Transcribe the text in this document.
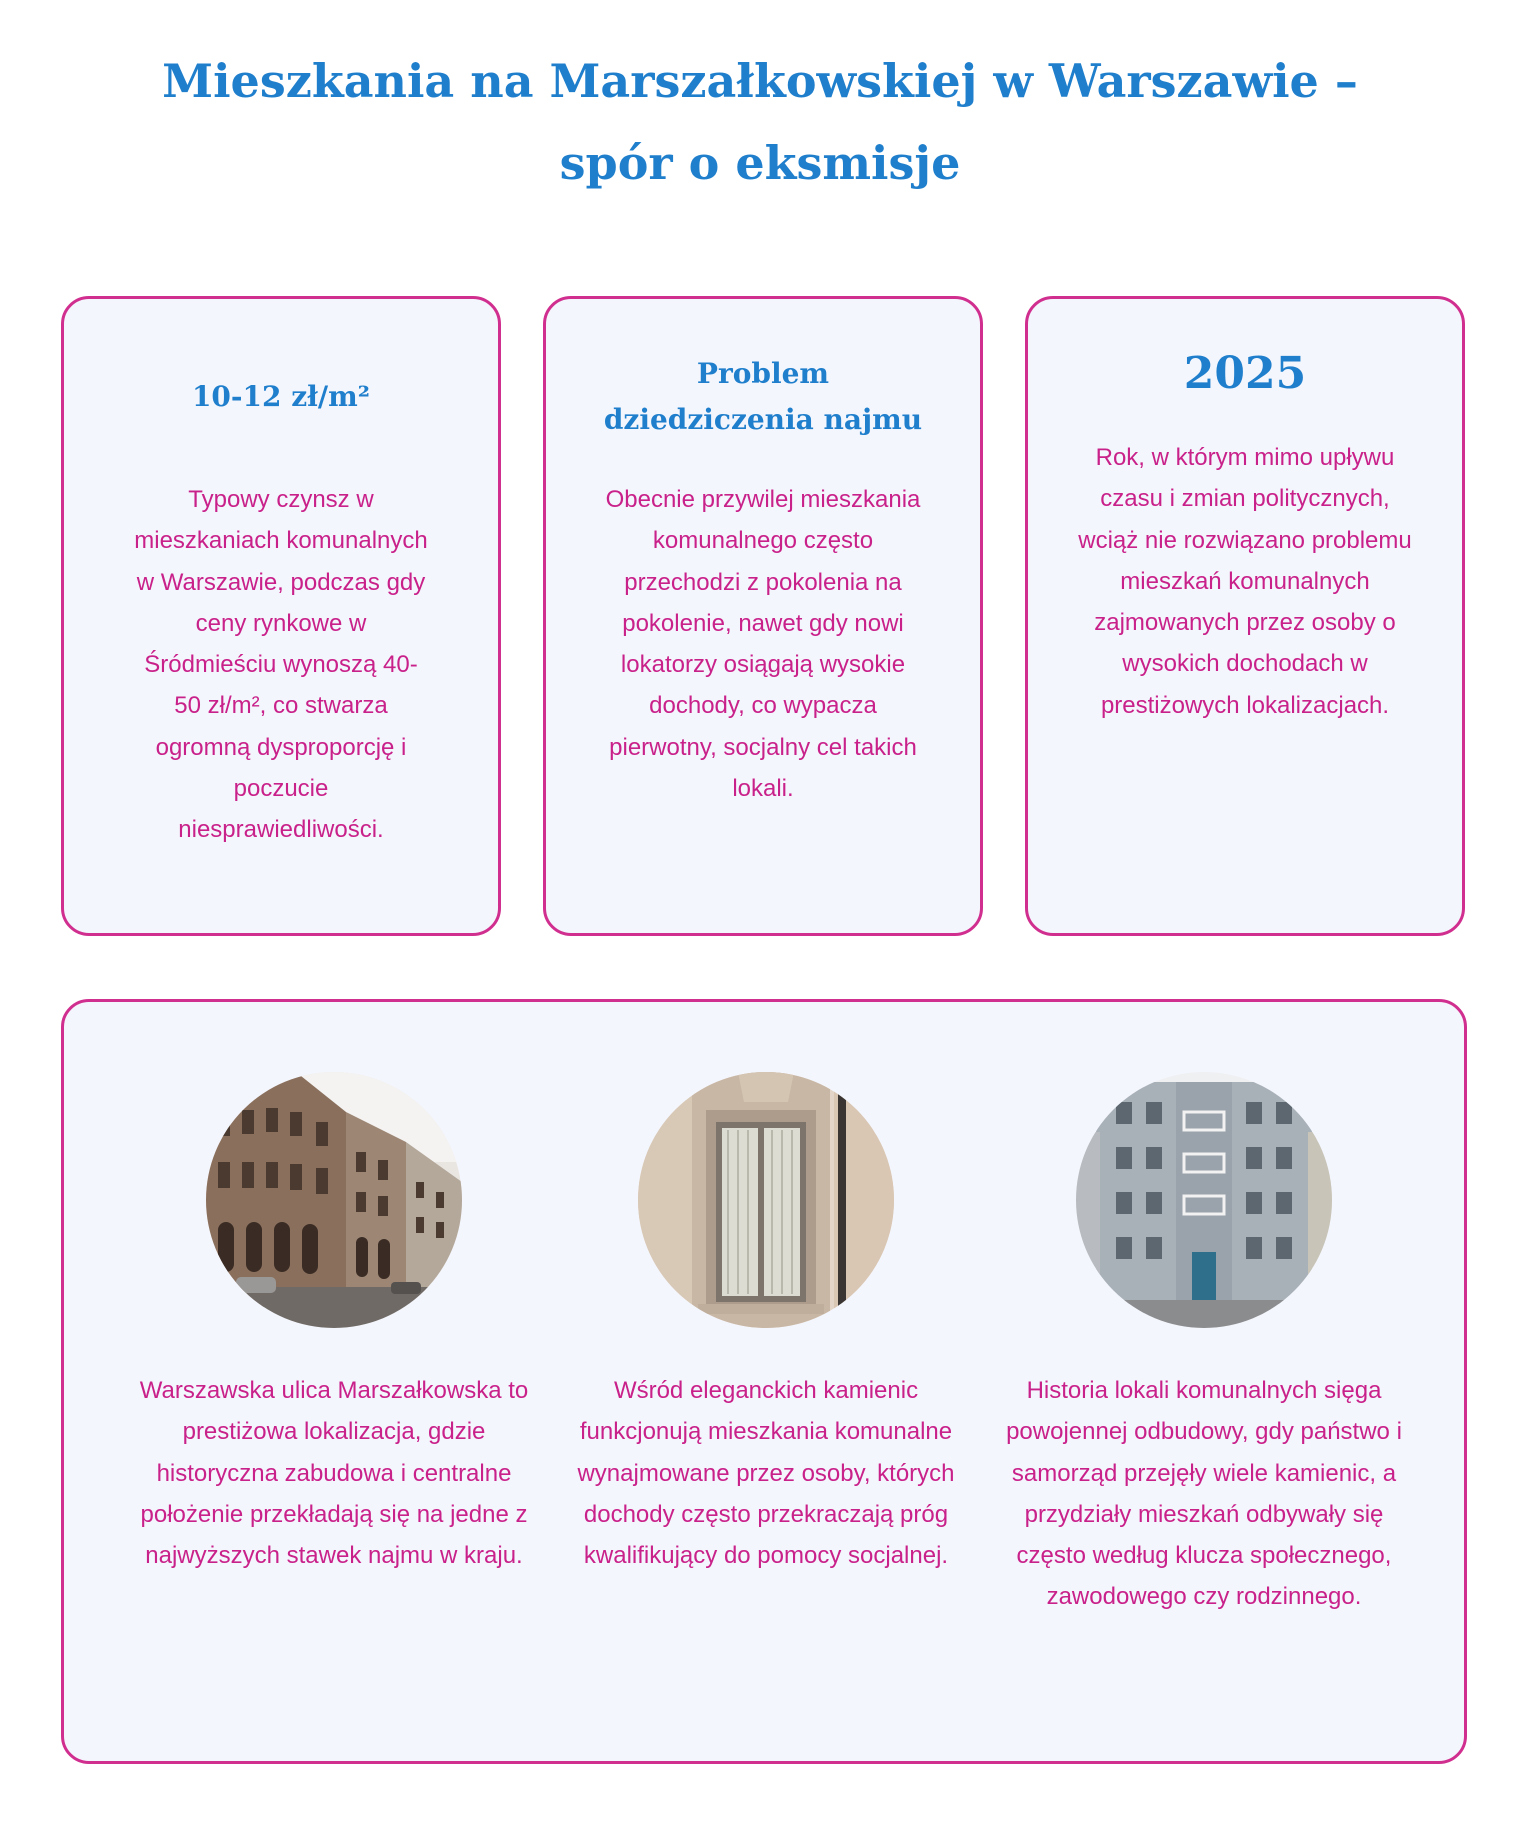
Mieszkania na Marszałkowskiej w Warszawie –
spór o eksmisje
10-12 zł/m²

Typowy czynsz w mieszkaniach komunalnych w Warszawie, podczas gdy ceny rynkowe w Śródmieściu wynoszą 40-50 zł/m², co stwarza ogromną dysproporcję i poczucie niesprawiedliwości.

Problem dziedziczenia najmu

Obecnie przywilej mieszkania komunalnego często przechodzi z pokolenia na pokolenie, nawet gdy nowi lokatorzy osiągają wysokie dochody, co wypacza pierwotny, socjalny cel takich lokali.

2025

Rok, w którym mimo upływu czasu i zmian politycznych, wciąż nie rozwiązano problemu mieszkań komunalnych zajmowanych przez osoby o wysokich dochodach w prestiżowych lokalizacjach.

Warszawska ulica Marszałkowska to prestiżowa lokalizacja, gdzie historyczna zabudowa i centralne położenie przekładają się na jedne z najwyższych stawek najmu w kraju.

Wśród eleganckich kamienic funkcjonują mieszkania komunalne wynajmowane przez osoby, których dochody często przekraczają próg kwalifikujący do pomocy socjalnej.

Historia lokali komunalnych sięga powojennej odbudowy, gdy państwo i samorząd przejęły wiele kamienic, a przydziały mieszkań odbywały się często według klucza społecznego, zawodowego czy rodzinnego.
